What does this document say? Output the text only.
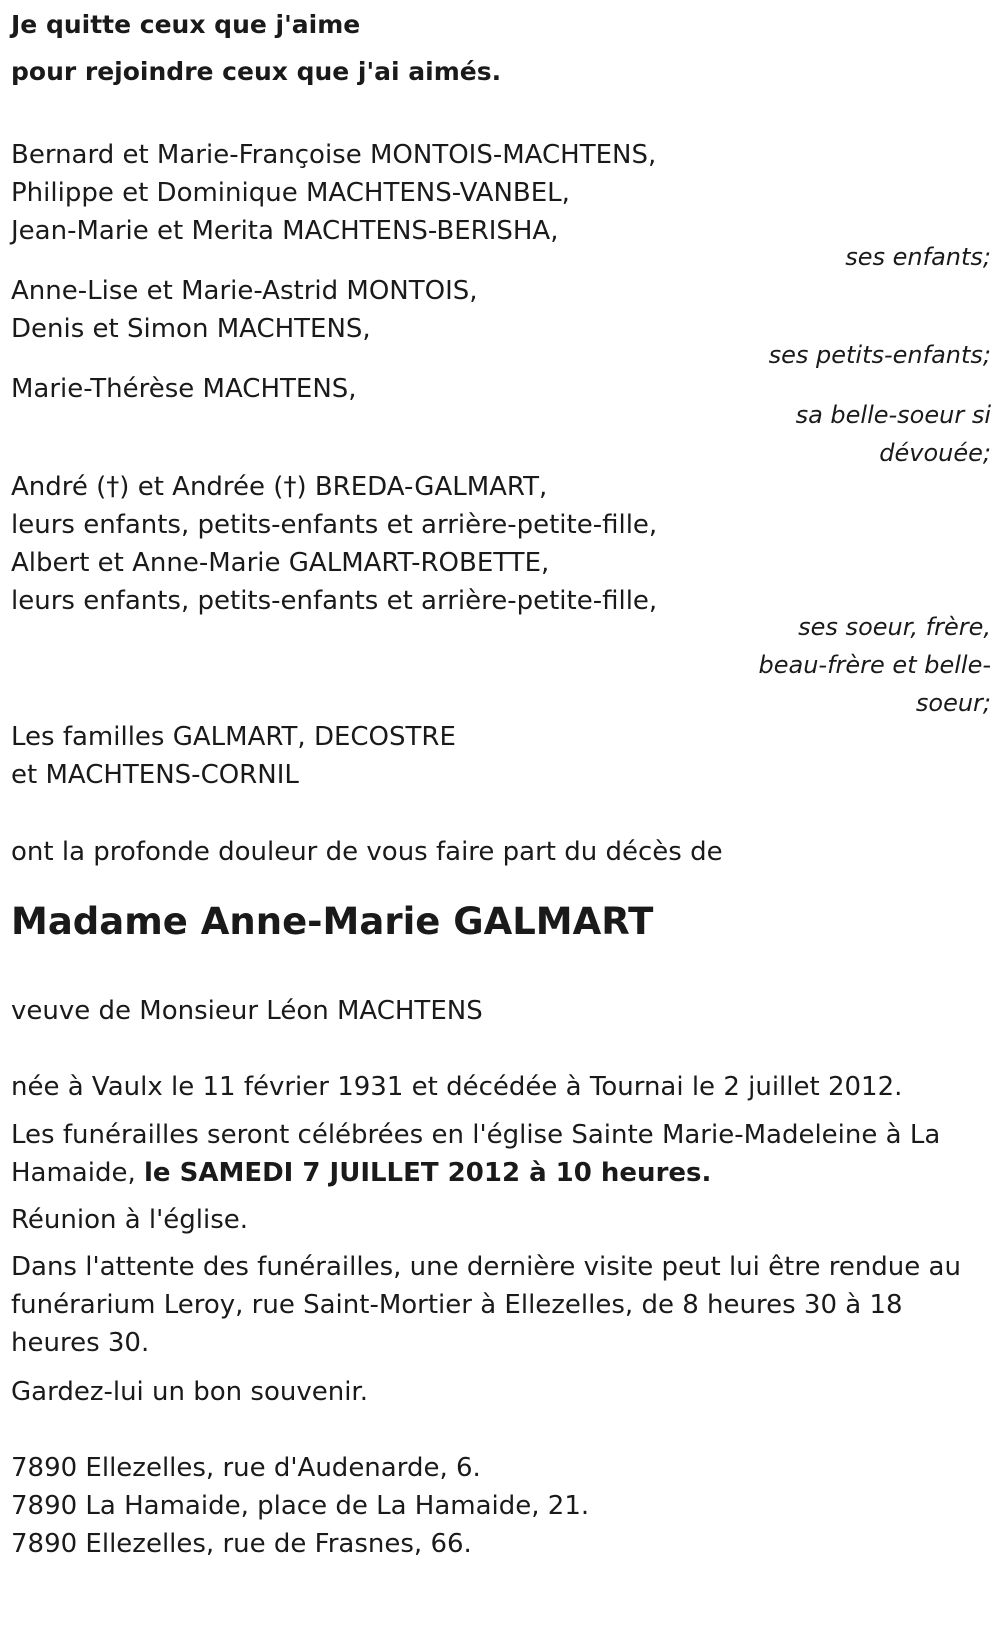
Je quitte ceux que j'aime
pour rejoindre ceux que j'ai aimés.
Bernard et Marie-Françoise MONTOIS-MACHTENS,
Philippe et Dominique MACHTENS-VANBEL,
Jean-Marie et Merita MACHTENS-BERISHA,
ses enfants;
Anne-Lise et Marie-Astrid MONTOIS,
Denis et Simon MACHTENS,
ses petits-enfants;
Marie-Thérèse MACHTENS,
sa belle-soeur si
dévouée;
André (†) et Andrée (†) BREDA-GALMART,
leurs enfants, petits-enfants et arrière-petite-fille,
Albert et Anne-Marie GALMART-ROBETTE,
leurs enfants, petits-enfants et arrière-petite-fille,
ses soeur, frère,
beau-frère et belle-
soeur;
Les familles GALMART, DECOSTRE
et MACHTENS-CORNIL
ont la profonde douleur de vous faire part du décès de
Madame Anne-Marie GALMART
veuve de Monsieur Léon MACHTENS
née à Vaulx le 11 février 1931 et décédée à Tournai le 2 juillet 2012.
Les funérailles seront célébrées en l'église Sainte Marie-Madeleine à La
Hamaide, le SAMEDI 7 JUILLET 2012 à 10 heures.
Réunion à l'église.
Dans l'attente des funérailles, une dernière visite peut lui être rendue au
funérarium Leroy, rue Saint-Mortier à Ellezelles, de 8 heures 30 à 18
heures 30.
Gardez-lui un bon souvenir.
7890 Ellezelles, rue d'Audenarde, 6.
7890 La Hamaide, place de La Hamaide, 21.
7890 Ellezelles, rue de Frasnes, 66.
